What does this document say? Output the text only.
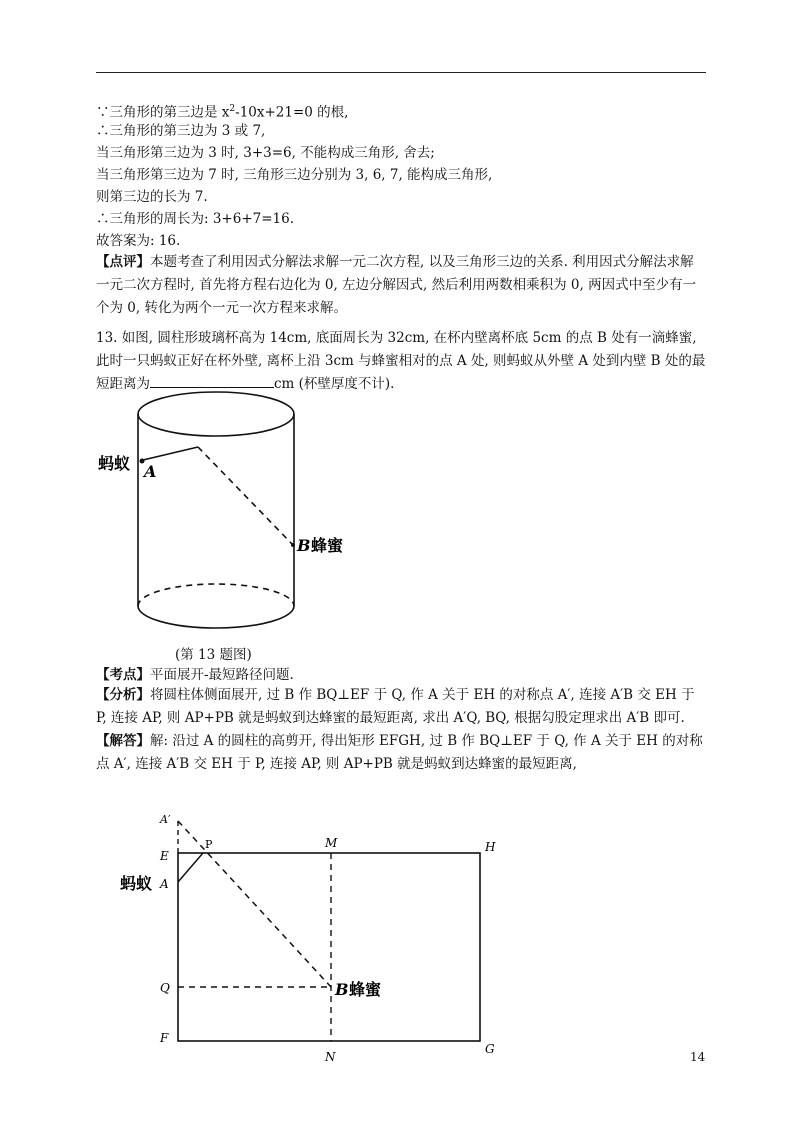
∵三角形的第三边是 $x^2-10x+21=0$ 的根,
∴三角形的第三边为 3 或 7,
当三角形第三边为 3 时, 3+3=6, 不能构成三角形, 舍去;
当三角形第三边为 7 时, 三角形三边分别为 3, 6, 7, 能构成三角形,
则第三边的长为 7.
∴三角形的周长为: 3+6+7=16.
故答案为: 16.
【点评】本题考查了利用因式分解法求解一元二次方程, 以及三角形三边的关系. 利用因式分解法求解一元二次方程时, 首先将方程右边化为 0, 左边分解因式, 然后利用两数相乘积为 0, 两因式中至少有一个为 0, 转化为两个一元一次方程来求解。
13. 如图, 圆柱形玻璃杯高为 14cm, 底面周长为 32cm, 在杯内壁离杯底 5cm 的点 B 处有一滴蜂蜜, 此时一只蚂蚁正好在杯外壁, 离杯上沿 3cm 与蜂蜜相对的点 A 处, 则蚂蚁从外壁 A 处到内壁 B 处的最短距离为	cm (杯壁厚度不计).
蚂蚁 A
B 蜂蜜
A′
P	M
E
H
蚂蚁 A
Q	B 蜂蜜
F
N
G
(第 13 题图)
【考点】平面展开-最短路径问题.
【分析】将圆柱体侧面展开, 过 B 作 BQ⊥EF 于 Q, 作 A 关于 EH 的对称点 A′, 连接 A′B 交 EH 于 P, 连接 AP, 则 AP+PB 就是蚂蚁到达蜂蜜的最短距离, 求出 A′Q, BQ, 根据勾股定理求出 A′B 即可.
【解答】解: 沿过 A 的圆柱的高剪开, 得出矩形 EFGH, 过 B 作 BQ⊥EF 于 Q, 作 A 关于 EH 的对称点 A′, 连接 A′B 交 EH 于 P, 连接 AP, 则 AP+PB 就是蚂蚁到达蜂蜜的最短距离,
14
